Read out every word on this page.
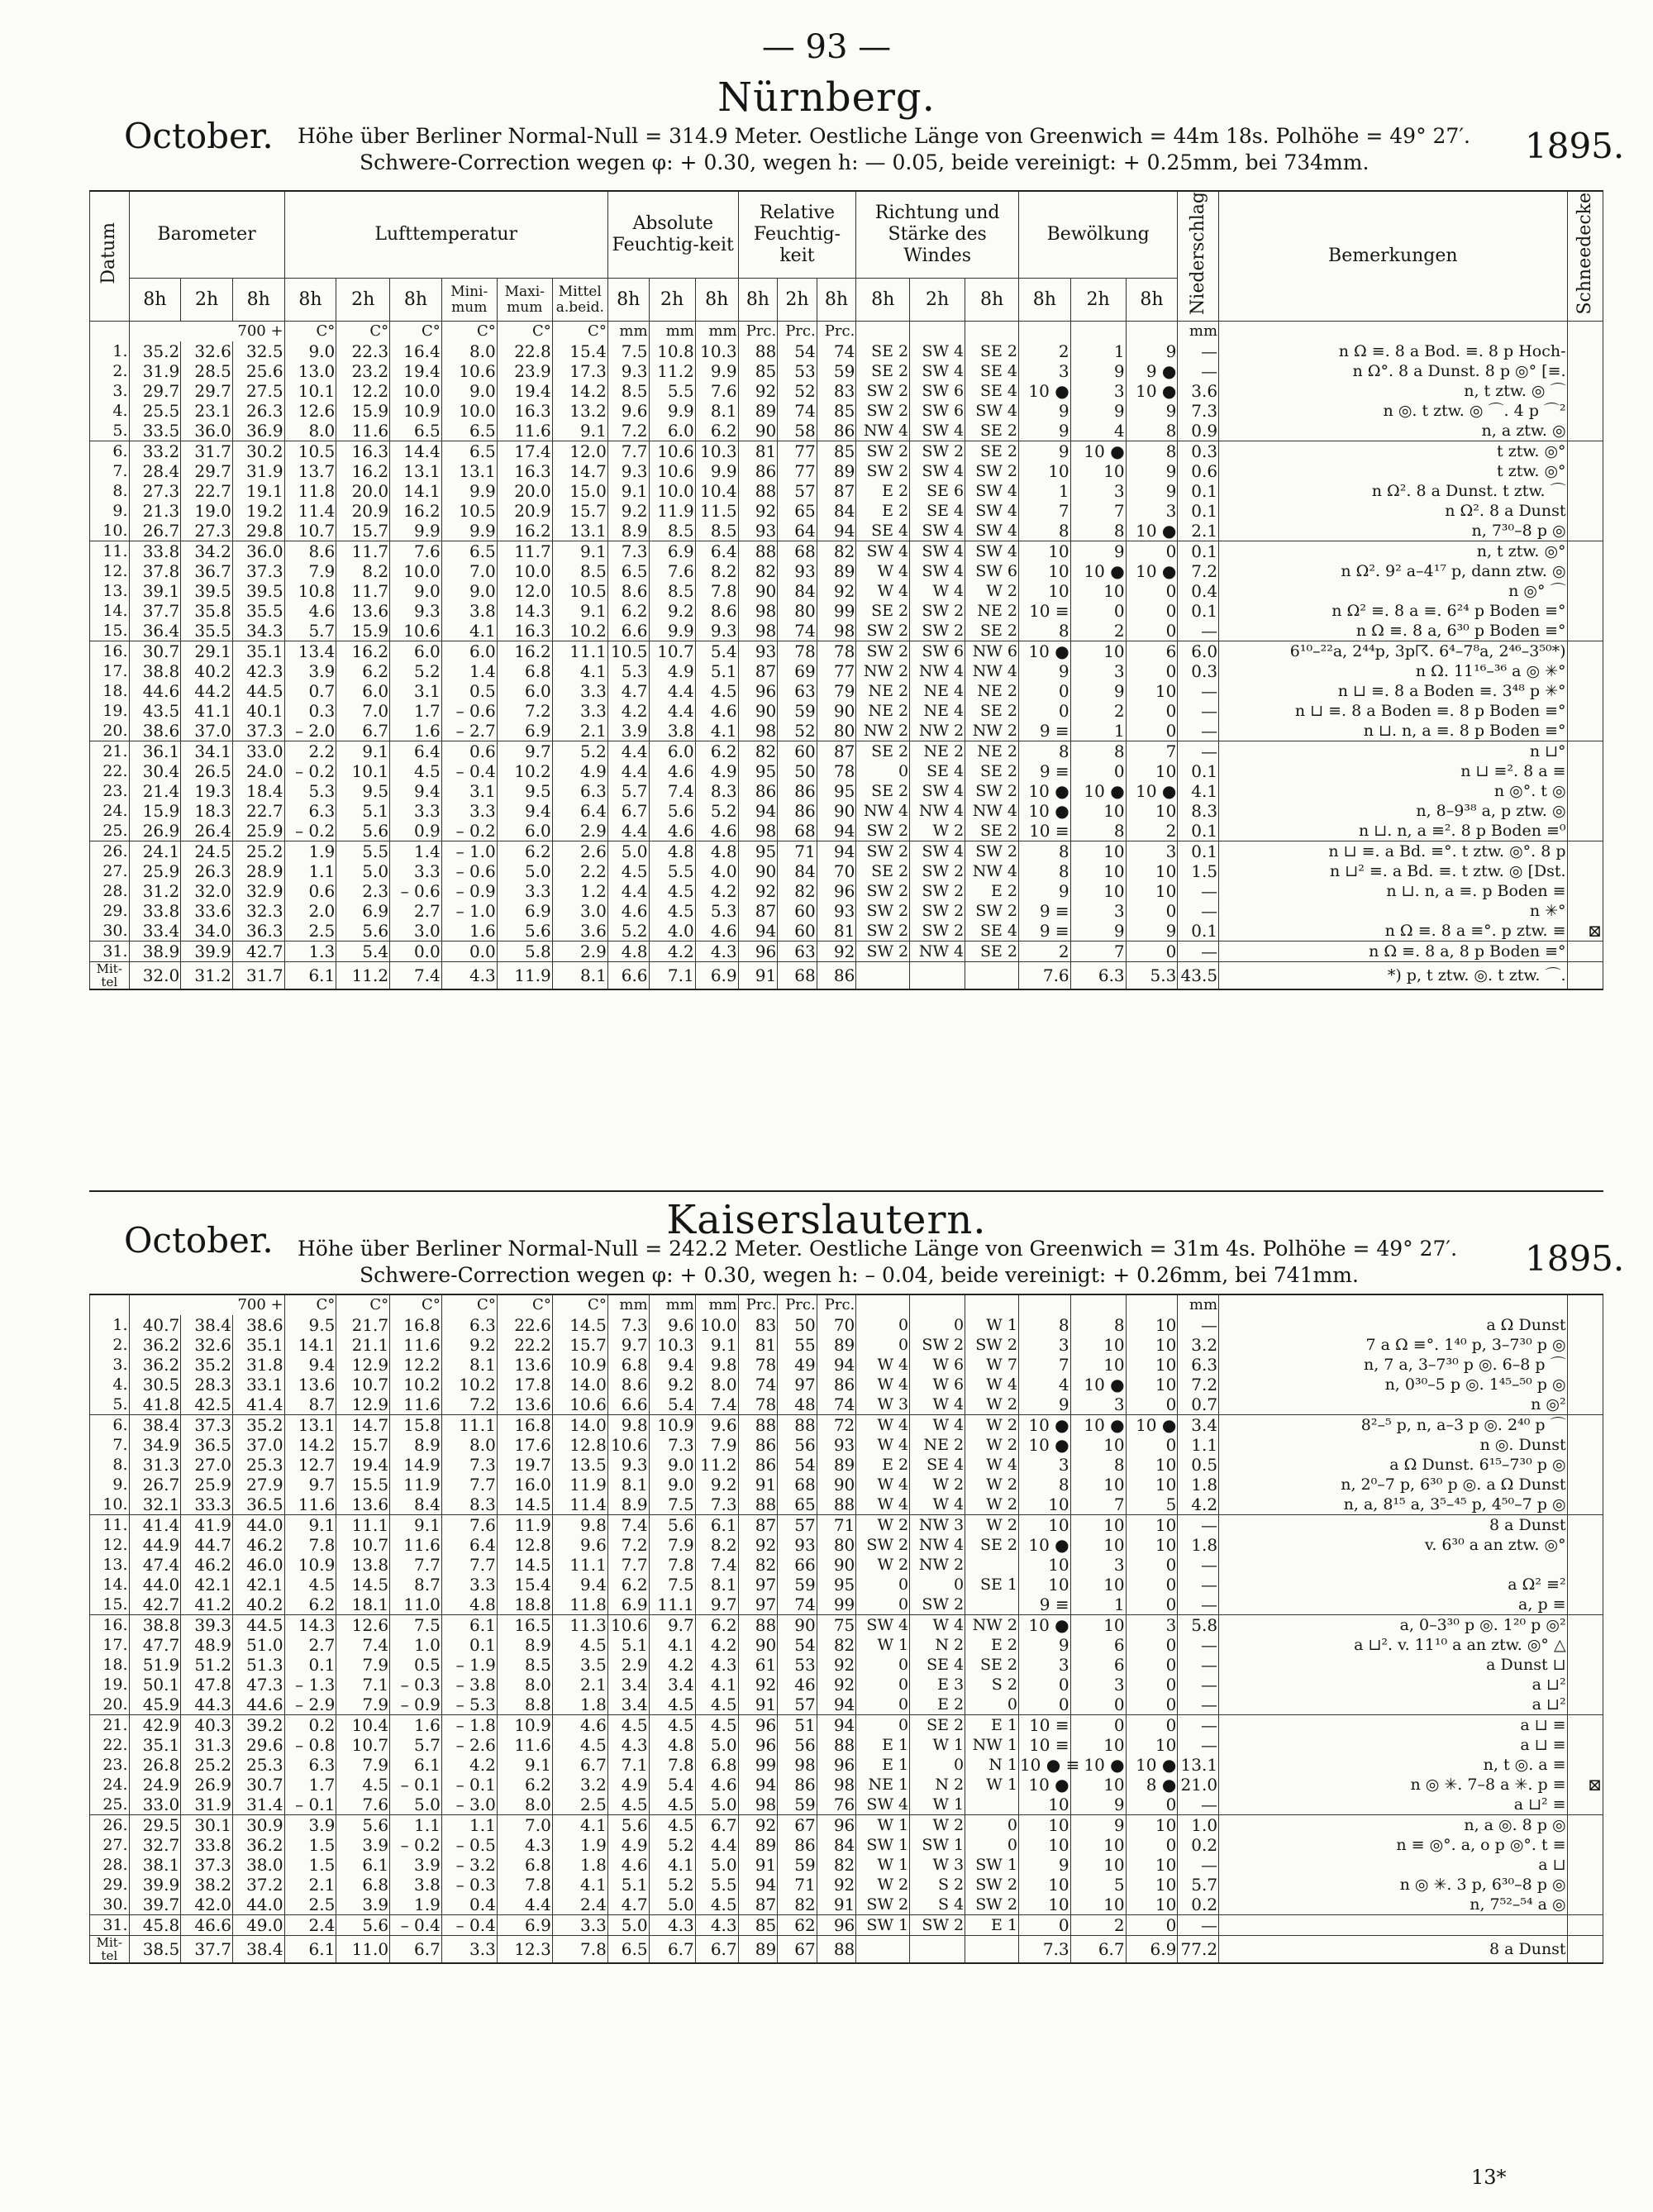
— 93 —
October.
Nürnberg.
Höhe über Berliner Normal-Null = 314.9 Meter. Oestliche Länge von Greenwich = 44m 18s. Polhöhe = 49° 27′.
Schwere-Correction wegen φ: + 0.30, wegen h: — 0.05, beide vereinigt: + 0.25mm, bei 734mm.	1895.
Datum	Barometer			Lufttemperatur						Absolute Feuchtig-keit			Relative Feuchtig-keit			Richtung und Stärke des Windes			Bewölkung			Niederschlag	Bemerkungen	Schneedecke
	8h	2h	8h	8h	2h	8h	Mini-mum	Maxi-mum	Mittel a.beid.	8h	2h	8h	8h	2h	8h	8h	2h	8h	8h	2h	8h			
	700 +			C°	C°	C°	C°	C°	C°	mm	mm	mm	Prc.	Prc.	Prc.							mm		
1.	35.2	32.6	32.5	9.0	22.3	16.4	8.0	22.8	15.4	7.5	10.8	10.3	88	54	74	SE 2	SW 4	SE 2	2	1	9	—	n Ω ≡. 8 a Bod. ≡. 8 p Hoch-	
2.	31.9	28.5	25.6	13.0	23.2	19.4	10.6	23.9	17.3	9.3	11.2	9.9	85	53	59	SE 2	SW 4	SE 4	3	9	9 ●	—	n Ω°. 8 a Dunst. 8 p ◎° [≡.	
3.	29.7	29.7	27.5	10.1	12.2	10.0	9.0	19.4	14.2	8.5	5.5	7.6	92	52	83	SW 2	SW 6	SE 4	10 ●	3	10 ●	3.6	n, t ztw. ◎ ⌒	
4.	25.5	23.1	26.3	12.6	15.9	10.9	10.0	16.3	13.2	9.6	9.9	8.1	89	74	85	SW 2	SW 6	SW 4	9	9	9	7.3	n ◎. t ztw. ◎ ⌒. 4 p ⌒²	
5.	33.5	36.0	36.9	8.0	11.6	6.5	6.5	11.6	9.1	7.2	6.0	6.2	90	58	86	NW 4	SW 4	SE 2	9	4	8	0.9	n, a ztw. ◎	
6.	33.2	31.7	30.2	10.5	16.3	14.4	6.5	17.4	12.0	7.7	10.6	10.3	81	77	85	SW 2	SW 2	SE 2	9	10 ●	8	0.3	t ztw. ◎°	
7.	28.4	29.7	31.9	13.7	16.2	13.1	13.1	16.3	14.7	9.3	10.6	9.9	86	77	89	SW 2	SW 4	SW 2	10	10	9	0.6	t ztw. ◎°	
8.	27.3	22.7	19.1	11.8	20.0	14.1	9.9	20.0	15.0	9.1	10.0	10.4	88	57	87	E 2	SE 6	SW 4	1	3	9	0.1	n Ω². 8 a Dunst. t ztw. ⌒	
9.	21.3	19.0	19.2	11.4	20.9	16.2	10.5	20.9	15.7	9.2	11.9	11.5	92	65	84	E 2	SE 4	SW 4	7	7	3	0.1	n Ω². 8 a Dunst	
10.	26.7	27.3	29.8	10.7	15.7	9.9	9.9	16.2	13.1	8.9	8.5	8.5	93	64	94	SE 4	SW 4	SW 4	8	8	10 ●	2.1	n, 7³⁰–8 p ◎	
11.	33.8	34.2	36.0	8.6	11.7	7.6	6.5	11.7	9.1	7.3	6.9	6.4	88	68	82	SW 4	SW 4	SW 4	10	9	0	0.1	n, t ztw. ◎°	
12.	37.8	36.7	37.3	7.9	8.2	10.0	7.0	10.0	8.5	6.5	7.6	8.2	82	93	89	W 4	SW 4	SW 6	10	10 ●	10 ●	7.2	n Ω². 9² a–4¹⁷ p, dann ztw. ◎	
13.	39.1	39.5	39.5	10.8	11.7	9.0	9.0	12.0	10.5	8.6	8.5	7.8	90	84	92	W 4	W 4	W 2	10	10	0	0.4	n ◎° ⌒	
14.	37.7	35.8	35.5	4.6	13.6	9.3	3.8	14.3	9.1	6.2	9.2	8.6	98	80	99	SE 2	SW 2	NE 2	10 ≡	0	0	0.1	n Ω² ≡. 8 a ≡. 6²⁴ p Boden ≡°	
15.	36.4	35.5	34.3	5.7	15.9	10.6	4.1	16.3	10.2	6.6	9.9	9.3	98	74	98	SW 2	SW 2	SE 2	8	2	0	—	n Ω ≡. 8 a, 6³⁰ p Boden ≡°	
16.	30.7	29.1	35.1	13.4	16.2	6.0	6.0	16.2	11.1	10.5	10.7	5.4	93	78	78	SW 2	SW 6	NW 6	10 ●	10	6	6.0	6¹⁰–²²a, 2⁴⁴p, 3p☈. 6⁴–7⁸a, 2⁴⁶–3⁵⁰*)	
17.	38.8	40.2	42.3	3.9	6.2	5.2	1.4	6.8	4.1	5.3	4.9	5.1	87	69	77	NW 2	NW 4	NW 4	9	3	0	0.3	n Ω. 11¹⁶–³⁶ a ◎ ✳°	
18.	44.6	44.2	44.5	0.7	6.0	3.1	0.5	6.0	3.3	4.7	4.4	4.5	96	63	79	NE 2	NE 4	NE 2	0	9	10	—	n ⊔ ≡. 8 a Boden ≡. 3⁴⁸ p ✳°	
19.	43.5	41.1	40.1	0.3	7.0	1.7	– 0.6	7.2	3.3	4.2	4.4	4.6	90	59	90	NE 2	NE 4	SE 2	0	2	0	—	n ⊔ ≡. 8 a Boden ≡. 8 p Boden ≡°	
20.	38.6	37.0	37.3	– 2.0	6.7	1.6	– 2.7	6.9	2.1	3.9	3.8	4.1	98	52	80	NW 2	NW 2	NW 2	9 ≡	1	0	—	n ⊔. n, a ≡. 8 p Boden ≡°	
21.	36.1	34.1	33.0	2.2	9.1	6.4	0.6	9.7	5.2	4.4	6.0	6.2	82	60	87	SE 2	NE 2	NE 2	8	8	7	—	n ⊔°	
22.	30.4	26.5	24.0	– 0.2	10.1	4.5	– 0.4	10.2	4.9	4.4	4.6	4.9	95	50	78	0	SE 4	SE 2	9 ≡	0	10	0.1	n ⊔ ≡². 8 a ≡	
23.	21.4	19.3	18.4	5.3	9.5	9.4	3.1	9.5	6.3	5.7	7.4	8.3	86	86	95	SE 2	SW 4	SW 2	10 ●	10 ●	10 ●	4.1	n ◎°. t ◎	
24.	15.9	18.3	22.7	6.3	5.1	3.3	3.3	9.4	6.4	6.7	5.6	5.2	94	86	90	NW 4	NW 4	NW 4	10 ●	10	10	8.3	n, 8–9³⁸ a, p ztw. ◎	
25.	26.9	26.4	25.9	– 0.2	5.6	0.9	– 0.2	6.0	2.9	4.4	4.6	4.6	98	68	94	SW 2	W 2	SE 2	10 ≡	8	2	0.1	n ⊔. n, a ≡². 8 p Boden ≡⁰	
26.	24.1	24.5	25.2	1.9	5.5	1.4	– 1.0	6.2	2.6	5.0	4.8	4.8	95	71	94	SW 2	SW 4	SW 2	8	10	3	0.1	n ⊔ ≡. a Bd. ≡°. t ztw. ◎°. 8 p	
27.	25.9	26.3	28.9	1.1	5.0	3.3	– 0.6	5.0	2.2	4.5	5.5	4.0	90	84	70	SE 2	SW 2	NW 4	8	10	10	1.5	n ⊔² ≡. a Bd. ≡. t ztw. ◎ [Dst.	
28.	31.2	32.0	32.9	0.6	2.3	– 0.6	– 0.9	3.3	1.2	4.4	4.5	4.2	92	82	96	SW 2	SW 2	E 2	9	10	10	—	n ⊔. n, a ≡. p Boden ≡	
29.	33.8	33.6	32.3	2.0	6.9	2.7	– 1.0	6.9	3.0	4.6	4.5	5.3	87	60	93	SW 2	SW 2	SW 2	9 ≡	3	0	—	n ✳°	
30.	33.4	34.0	36.3	2.5	5.6	3.0	1.6	5.6	3.6	5.2	4.0	4.6	94	60	81	SW 2	SW 2	SE 4	9 ≡	9	9	0.1	n Ω ≡. 8 a ≡°. p ztw. ≡	⊠
31.	38.9	39.9	42.7	1.3	5.4	0.0	0.0	5.8	2.9	4.8	4.2	4.3	96	63	92	SW 2	NW 4	SE 2	2	7	0	—	n Ω ≡. 8 a, 8 p Boden ≡°	
Mit-tel	32.0	31.2	31.7	6.1	11.2	7.4	4.3	11.9	8.1	6.6	7.1	6.9	91	68	86				7.6	6.3	5.3	43.5	*) p, t ztw. ◎. t ztw. ⌒.	
October.	Kaiserslautern.
Höhe über Berliner Normal-Null = 242.2 Meter. Oestliche Länge von Greenwich = 31m 4s. Polhöhe = 49° 27′.
Schwere-Correction wegen φ: + 0.30, wegen h: – 0.04, beide vereinigt: + 0.26mm, bei 741mm.	1895.
	700 +			C°	C°	C°	C°	C°	C°	mm	mm	mm	Prc.	Prc.	Prc.							mm		
1.	40.7	38.4	38.6	9.5	21.7	16.8	6.3	22.6	14.5	7.3	9.6	10.0	83	50	70	0	0	W 1	8	8	10	—	a Ω Dunst	
2.	36.2	32.6	35.1	14.1	21.1	11.6	9.2	22.2	15.7	9.7	10.3	9.1	81	55	89	0	SW 2	SW 2	3	10	10	3.2	7 a Ω ≡°. 1⁴⁰ p, 3–7³⁰ p ◎	
3.	36.2	35.2	31.8	9.4	12.9	12.2	8.1	13.6	10.9	6.8	9.4	9.8	78	49	94	W 4	W 6	W 7	7	10	10	6.3	n, 7 a, 3–7³⁰ p ◎. 6–8 p ⌒	
4.	30.5	28.3	33.1	13.6	10.7	10.2	10.2	17.8	14.0	8.6	9.2	8.0	74	97	86	W 4	W 6	W 4	4	10 ●	10	7.2	n, 0³⁰–5 p ◎. 1⁴⁵–⁵⁰ p ◎	
5.	41.8	42.5	41.4	8.7	12.9	11.6	7.2	13.6	10.6	6.6	5.4	7.4	78	48	74	W 3	W 4	W 2	9	3	0	0.7	n ◎²	
6.	38.4	37.3	35.2	13.1	14.7	15.8	11.1	16.8	14.0	9.8	10.9	9.6	88	88	72	W 4	W 4	W 2	10 ●	10 ●	10 ●	3.4	8²–⁵ p, n, a–3 p ◎. 2⁴⁰ p ⌒	
7.	34.9	36.5	37.0	14.2	15.7	8.9	8.0	17.6	12.8	10.6	7.3	7.9	86	56	93	W 4	NE 2	W 2	10 ●	10	0	1.1	n ◎. Dunst	
8.	31.3	27.0	25.3	12.7	19.4	14.9	7.3	19.7	13.5	9.3	9.0	11.2	86	54	89	E 2	SE 4	W 4	3	8	10	0.5	a Ω Dunst. 6¹⁵–7³⁰ p ◎	
9.	26.7	25.9	27.9	9.7	15.5	11.9	7.7	16.0	11.9	8.1	9.0	9.2	91	68	90	W 4	W 2	W 2	8	10	10	1.8	n, 2⁰–7 p, 6³⁰ p ◎. a Ω Dunst	
10.	32.1	33.3	36.5	11.6	13.6	8.4	8.3	14.5	11.4	8.9	7.5	7.3	88	65	88	W 4	W 4	W 2	10	7	5	4.2	n, a, 8¹⁵ a, 3⁵–⁴⁵ p, 4⁵⁰–7 p ◎	
11.	41.4	41.9	44.0	9.1	11.1	9.1	7.6	11.9	9.8	7.4	5.6	6.1	87	57	71	W 2	NW 3	W 2	10	10	10	—	8 a Dunst	
12.	44.9	44.7	46.2	7.8	10.7	11.6	6.4	12.8	9.6	7.2	7.9	8.2	92	93	80	SW 2	NW 4	SE 2	10 ●	10	10	1.8	v. 6³⁰ a an ztw. ◎°	
13.	47.4	46.2	46.0	10.9	13.8	7.7	7.7	14.5	11.1	7.7	7.8	7.4	82	66	90	W 2	NW 2		10	3	0	—		
14.	44.0	42.1	42.1	4.5	14.5	8.7	3.3	15.4	9.4	6.2	7.5	8.1	97	59	95	0	0	SE 1	10	10	0	—	a Ω² ≡²	
15.	42.7	41.2	40.2	6.2	18.1	11.0	4.8	18.8	11.8	6.9	11.1	9.7	97	74	99	0	SW 2		9 ≡	1	0	—	a, p ≡	
16.	38.8	39.3	44.5	14.3	12.6	7.5	6.1	16.5	11.3	10.6	9.7	6.2	88	90	75	SW 4	W 4	NW 2	10 ●	10	3	5.8	a, 0–3³⁰ p ◎. 1²⁰ p ◎²	
17.	47.7	48.9	51.0	2.7	7.4	1.0	0.1	8.9	4.5	5.1	4.1	4.2	90	54	82	W 1	N 2	E 2	9	6	0	—	a ⊔². v. 11¹⁰ a an ztw. ◎° △	
18.	51.9	51.2	51.3	0.1	7.9	0.5	– 1.9	8.5	3.5	2.9	4.2	4.3	61	53	92	0	SE 4	SE 2	3	6	0	—	a Dunst ⊔	
19.	50.1	47.8	47.3	– 1.3	7.1	– 0.3	– 3.8	8.0	2.1	3.4	3.4	4.1	92	46	92	0	E 3	S 2	0	3	0	—	a ⊔²	
20.	45.9	44.3	44.6	– 2.9	7.9	– 0.9	– 5.3	8.8	1.8	3.4	4.5	4.5	91	57	94	0	E 2	0	0	0	0	—	a ⊔²	
21.	42.9	40.3	39.2	0.2	10.4	1.6	– 1.8	10.9	4.6	4.5	4.5	4.5	96	51	94	0	SE 2	E 1	10 ≡	0	0	—	a ⊔ ≡	
22.	35.1	31.3	29.6	– 0.8	10.7	5.7	– 2.6	11.6	4.5	4.3	4.8	5.0	96	56	88	E 1	W 1	NW 1	10 ≡	10	10	—	a ⊔ ≡	
23.	26.8	25.2	25.3	6.3	7.9	6.1	4.2	9.1	6.7	7.1	7.8	6.8	99	98	96	E 1	0	N 1	10 ● ≡	10 ●	10 ●	13.1	n, t ◎. a ≡	
24.	24.9	26.9	30.7	1.7	4.5	– 0.1	– 0.1	6.2	3.2	4.9	5.4	4.6	94	86	98	NE 1	N 2	W 1	10 ●	10	8 ●	21.0	n ◎ ✳. 7–8 a ✳. p ≡	⊠
25.	33.0	31.9	31.4	– 0.1	7.6	5.0	– 3.0	8.0	2.5	4.5	4.5	5.0	98	59	76	SW 4	W 1		10	9	0	—	a ⊔² ≡	
26.	29.5	30.1	30.9	3.9	5.6	1.1	1.1	7.0	4.1	5.6	4.5	6.7	92	67	96	W 1	W 2	0	10	9	10	1.0	n, a ◎. 8 p ◎	
27.	32.7	33.8	36.2	1.5	3.9	– 0.2	– 0.5	4.3	1.9	4.9	5.2	4.4	89	86	84	SW 1	SW 1	0	10	10	0	0.2	n ≡ ◎°. a, o p ◎°. t ≡	
28.	38.1	37.3	38.0	1.5	6.1	3.9	– 3.2	6.8	1.8	4.6	4.1	5.0	91	59	82	W 1	W 3	SW 1	9	10	10	—	a ⊔	
29.	39.9	38.2	37.2	2.1	6.8	3.8	– 0.3	7.8	4.1	5.1	5.2	5.5	94	71	92	W 2	S 2	SW 2	10	5	10	5.7	n ◎ ✳. 3 p, 6³⁰–8 p ◎	
30.	39.7	42.0	44.0	2.5	3.9	1.9	0.4	4.4	2.4	4.7	5.0	4.5	87	82	91	SW 2	S 4	SW 2	10	10	10	0.2	n, 7⁵²–⁵⁴ a ◎	
31.	45.8	46.6	49.0	2.4	5.6	– 0.4	– 0.4	6.9	3.3	5.0	4.3	4.3	85	62	96	SW 1	SW 2	E 1	0	2	0	—		
Mit-tel	38.5	37.7	38.4	6.1	11.0	6.7	3.3	12.3	7.8	6.5	6.7	6.7	89	67	88				7.3	6.7	6.9	77.2	8 a Dunst	
13*
